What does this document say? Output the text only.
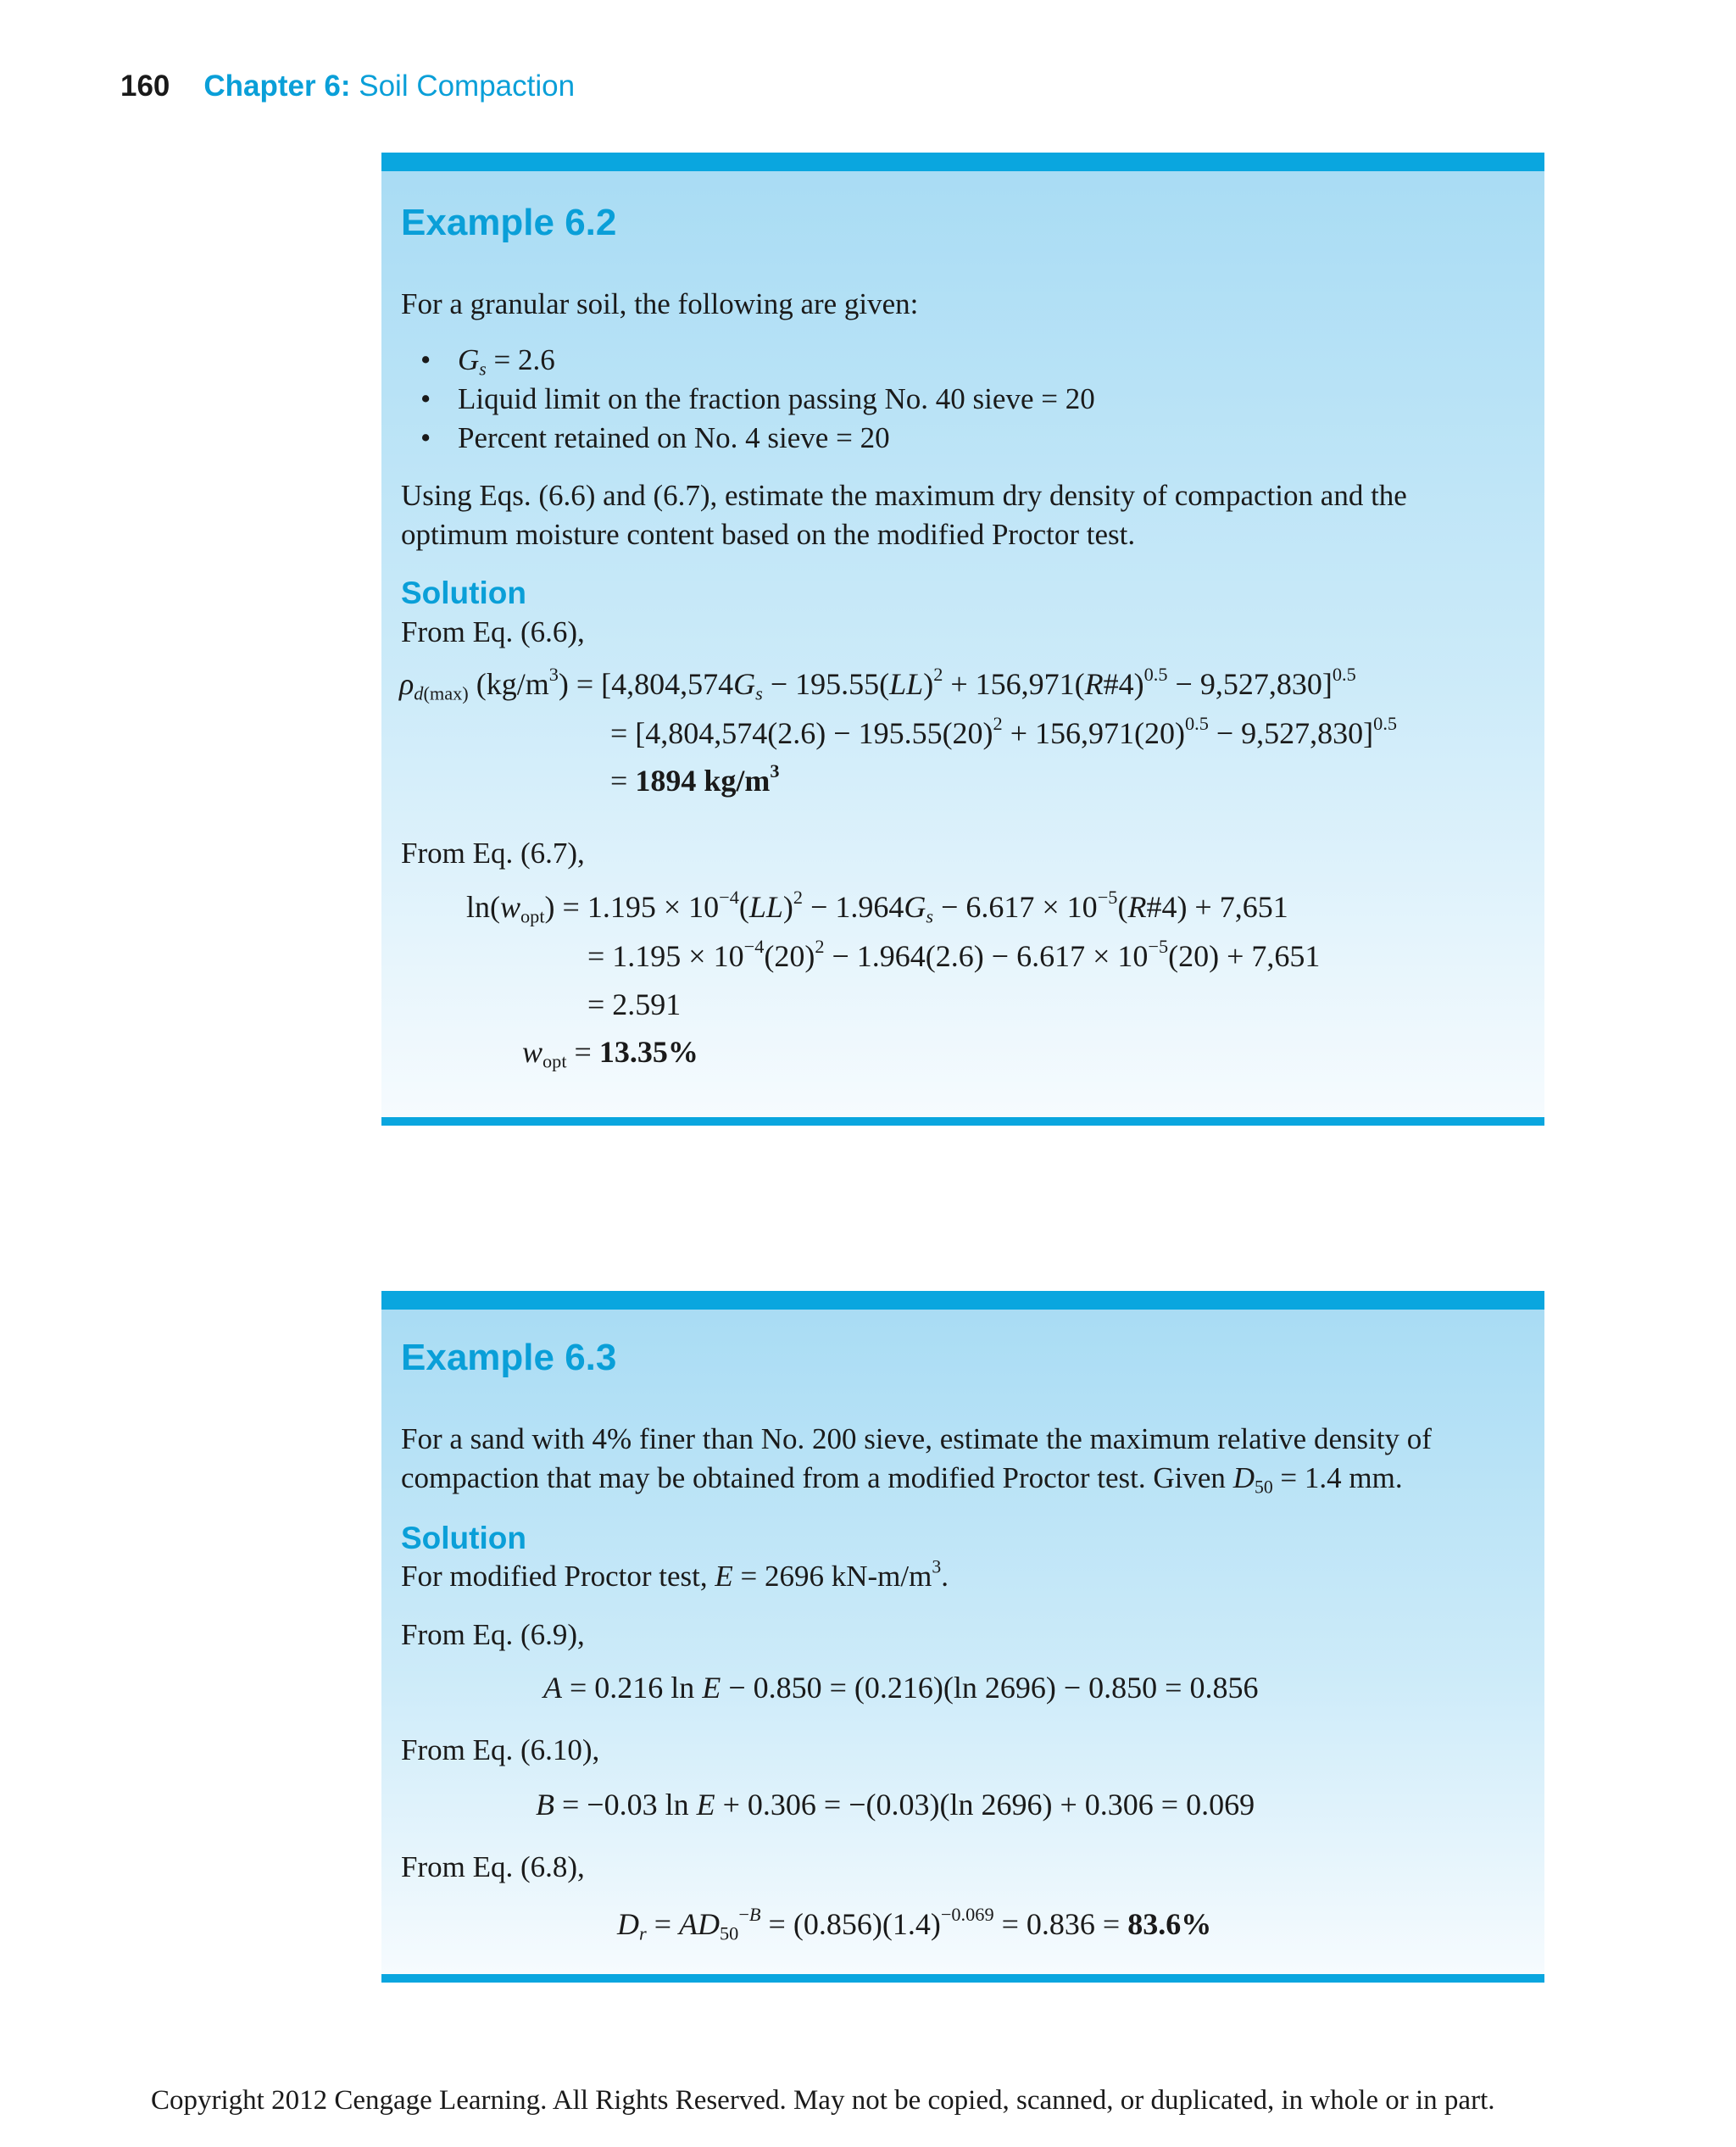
160 Chapter 6: Soil Compaction
Example 6.2
For a granular soil, the following are given:
• $G_s = 2.6$
• Liquid limit on the fraction passing No. 40 sieve = 20
• Percent retained on No. 4 sieve = 20
Using Eqs. (6.6) and (6.7), estimate the maximum dry density of compaction and the
optimum moisture content based on the modified Proctor test.
Solution
From Eq. (6.6),
$\rho_{d(max)}$ $(kg/m^3) = [4,804,574G_s - 195.55(LL)^2$ + 156,971(R#4)$^{0.5}$ − 9,527,830]$^{0.5}$
= $[4,804,574(2.6) - 195.55(20)^2 + 156,971(20)^{0.5} - 9,527,830]^{0.5}$
= 1894 $kg/m^3$
From Eq. (6.7),
$\ln(w_{opt}) = 1.195 \times 10^{-4}(LL)^2 - 1.964G_s - 6.617$ × $10^{-5}(R\#4) + 7,651$
= $1.195 \times 10^{-4}(20)^2 - 1.964(2.6) - 6.617 \times 10^{-5}(20) + 7,651$
= 2.591
$w_{opt} = 13.35\%$
Example 6.3
For a sand with 4% finer than No. 200 sieve, estimate the maximum relative density of
compaction that may be obtained from a modified Proctor test. Given $D_{50} = 1.4$ mm.
Solution
For modified Proctor test, E = 2696 $kN-m/m^3$.
From Eq. (6.9),
A = 0.216 ln E − 0.850 = (0.216)(ln 2696) − 0.850 = 0.856
From Eq. (6.10),
B = −0.03 ln E + 0.306 = −(0.03)(ln 2696) + 0.306 = 0.069
From Eq. (6.8),
$D_r = AD_{50}^{-B} = (0.856)(1.4)^{-0.069} = 0.836 = 83.6\%$
Copyright 2012 Cengage Learning. All Rights Reserved. May not be copied, scanned, or duplicated, in whole or in part.
